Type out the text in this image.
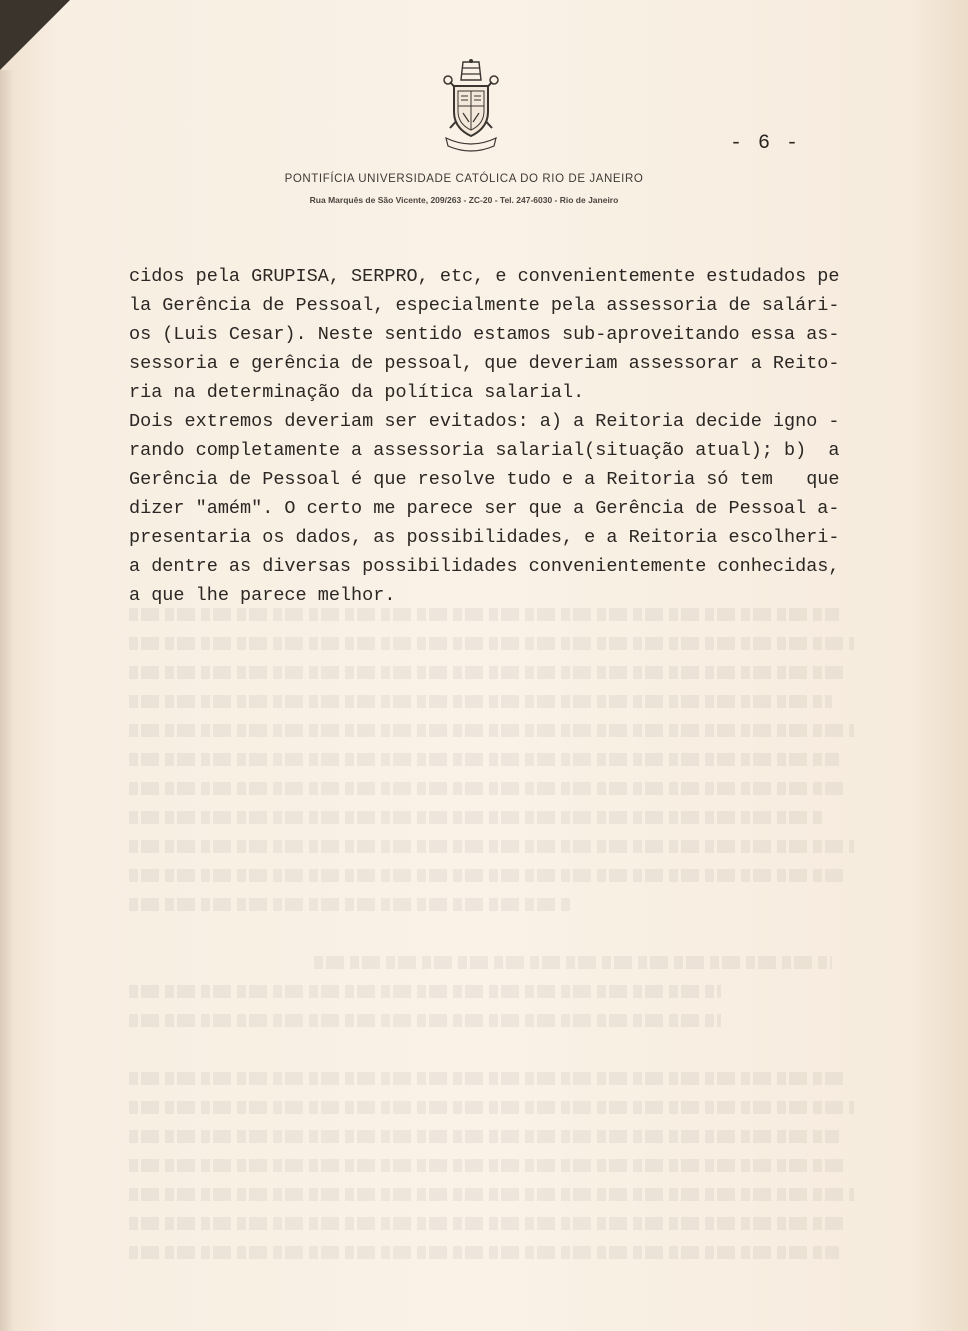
- 6 -
PONTIFÍCIA UNIVERSIDADE CATÓLICA DO RIO DE JANEIRO
Rua Marquês de São Vicente, 209/263 - ZC-20 - Tel. 247-6030 - Rio de Janeiro
cidos pela GRUPISA, SERPRO, etc, e convenientemente estudados pe
la Gerência de Pessoal, especialmente pela assessoria de salári-
os (Luis Cesar). Neste sentido estamos sub-aproveitando essa as-
sessoria e gerência de pessoal, que deveriam assessorar a Reito-
ria na determinação da política salarial.
Dois extremos deveriam ser evitados: a) a Reitoria decide igno -
rando completamente a assessoria salarial(situação atual); b)  a
Gerência de Pessoal é que resolve tudo e a Reitoria só tem   que
dizer "amém". O certo me parece ser que a Gerência de Pessoal a-
presentaria os dados, as possibilidades, e a Reitoria escolheri-
a dentre as diversas possibilidades convenientemente conhecidas,
a que lhe parece melhor.
